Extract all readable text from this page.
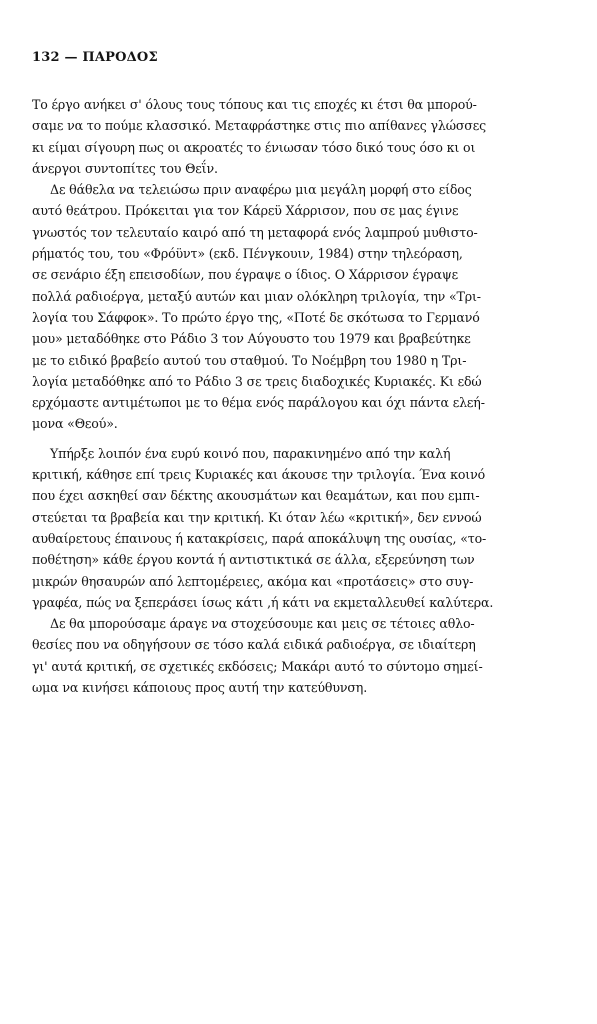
132 — ΠΑΡΟΔΟΣ
Το έργο ανήκει σ' όλους τους τόπους και τις εποχές κι έτσι θα μπορού-
σαμε να το πούμε κλασσικό. Μεταφράστηκε στις πιο απίθανες γλώσσες
κι είμαι σίγουρη πως οι ακροατές το ένιωσαν τόσο δικό τους όσο κι οι
άνεργοι συντοπίτες του Θεΐν.
Δε θάθελα να τελειώσω πριν αναφέρω μια μεγάλη μορφή στο είδος
αυτό θεάτρου. Πρόκειται για τον Κάρεϋ Χάρρισον, που σε μας έγινε
γνωστός τον τελευταίο καιρό από τη μεταφορά ενός λαμπρού μυθιστο-
ρήματός του, του «Φρόϋντ» (εκδ. Πένγκουιν, 1984) στην τηλεόραση,
σε σενάριο έξη επεισοδίων, που έγραψε ο ίδιος. Ο Χάρρισον έγραψε
πολλά ραδιοέργα, μεταξύ αυτών και μιαν ολόκληρη τριλογία, την «Τρι-
λογία του Σάφφοκ». Το πρώτο έργο της, «Ποτέ δε σκότωσα το Γερμανό
μου» μεταδόθηκε στο Ράδιο 3 τον Αύγουστο του 1979 και βραβεύτηκε
με το ειδικό βραβείο αυτού του σταθμού. Το Νοέμβρη του 1980 η Τρι-
λογία μεταδόθηκε από το Ράδιο 3 σε τρεις διαδοχικές Κυριακές. Κι εδώ
ερχόμαστε αντιμέτωποι με το θέμα ενός παράλογου και όχι πάντα ελεή-
μονα «Θεού».
Υπήρξε λοιπόν ένα ευρύ κοινό που, παρακινημένο από την καλή
κριτική, κάθησε επί τρεις Κυριακές και άκουσε την τριλογία. Ένα κοινό
που έχει ασκηθεί σαν δέκτης ακουσμάτων και θεαμάτων, και που εμπι-
στεύεται τα βραβεία και την κριτική. Κι όταν λέω «κριτική», δεν εννοώ
αυθαίρετους έπαινους ή κατακρίσεις, παρά αποκάλυψη της ουσίας, «το-
ποθέτηση» κάθε έργου κοντά ή αντιστικτικά σε άλλα, εξερεύνηση των
μικρών θησαυρών από λεπτομέρειες, ακόμα και «προτάσεις» στο συγ-
γραφέα, πώς να ξεπεράσει ίσως κάτι ,ή κάτι να εκμεταλλευθεί καλύτερα.
Δε θα μπορούσαμε άραγε να στοχεύσουμε και μεις σε τέτοιες αθλο-
θεσίες που να οδηγήσουν σε τόσο καλά ειδικά ραδιοέργα, σε ιδιαίτερη
γι' αυτά κριτική, σε σχετικές εκδόσεις; Μακάρι αυτό το σύντομο σημεί-
ωμα να κινήσει κάποιους προς αυτή την κατεύθυνση.
